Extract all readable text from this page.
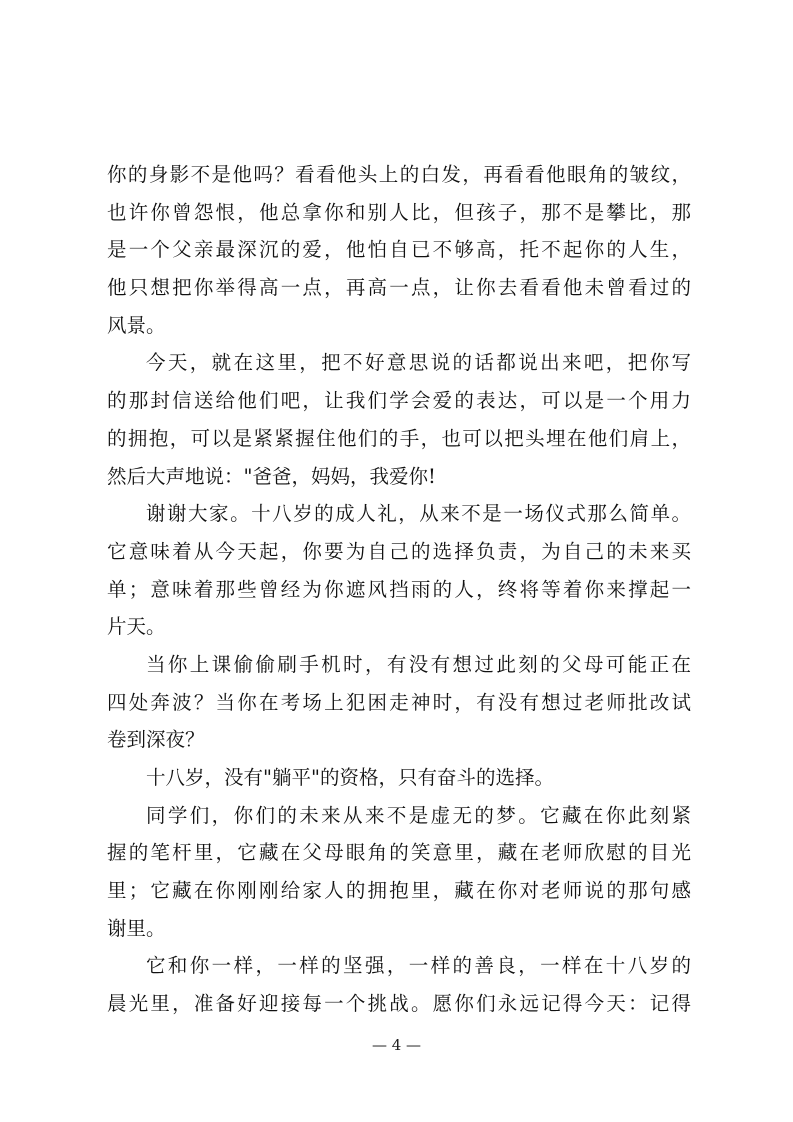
你的身影不是他吗？看看他头上的白发，再看看他眼角的皱纹，
也许你曾怨恨，他总拿你和别人比，但孩子，那不是攀比，那
是一个父亲最深沉的爱，他怕自已不够高，托不起你的人生，
他只想把你举得高一点，再高一点，让你去看看他未曾看过的
风景。
今天，就在这里，把不好意思说的话都说出来吧，把你写
的那封信送给他们吧，让我们学会爱的表达，可以是一个用力
的拥抱，可以是紧紧握住他们的手，也可以把头埋在他们肩上，
然后大声地说："爸爸，妈妈，我爱你!
谢谢大家。十八岁的成人礼，从来不是一场仪式那么简单。
它意味着从今天起，你要为自己的选择负责，为自己的未来买
单；意味着那些曾经为你遮风挡雨的人，终将等着你来撑起一
片天。
当你上课偷偷刷手机时，有没有想过此刻的父母可能正在
四处奔波？当你在考场上犯困走神时，有没有想过老师批改试
卷到深夜？
十八岁，没有"躺平"的资格，只有奋斗的选择。
同学们，你们的未来从来不是虚无的梦。它藏在你此刻紧
握的笔杆里，它藏在父母眼角的笑意里，藏在老师欣慰的目光
里；它藏在你刚刚给家人的拥抱里，藏在你对老师说的那句感
谢里。
它和你一样，一样的坚强，一样的善良，一样在十八岁的
晨光里，准备好迎接每一个挑战。愿你们永远记得今天：记得
— 4 —
